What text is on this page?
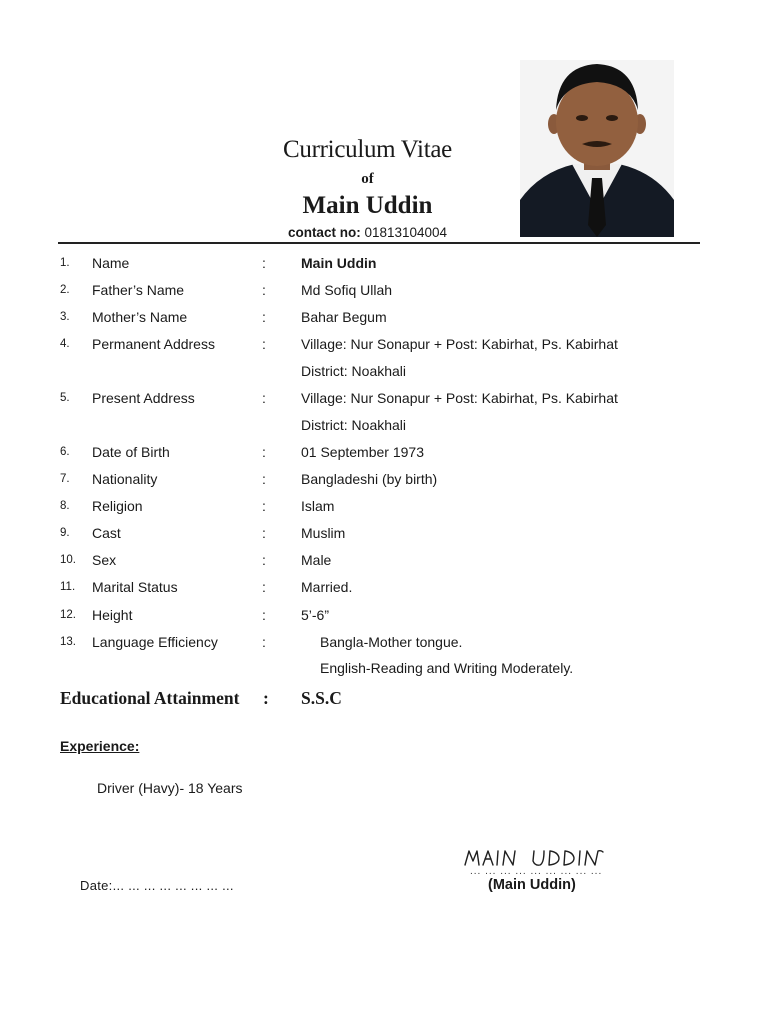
Curriculum Vitae
of
Main Uddin
contact no: 01813104004
1. Name	:	Main Uddin
2. Father’s Name	:	Md Sofiq Ullah
3. Mother’s Name	:	Bahar Begum
4. Permanent Address	:	Village: Nur Sonapur + Post: Kabirhat, Ps. Kabirhat
District: Noakhali
5. Present Address	:	Village: Nur Sonapur + Post: Kabirhat, Ps. Kabirhat
District: Noakhali
6. Date of Birth	:	01 September 1973
7. Nationality	:	Bangladeshi (by birth)
8. Religion	:	Islam
9. Cast	:	Muslim
10. Sex	:	Male
11. Marital Status	:	Married.
12. Height	:	5’-6”
13. Language Efficiency	:	Bangla-Mother tongue.
English-Reading and Writing Moderately.
Educational Attainment : S.S.C
Experience:
Driver (Havy)- 18 Years
Date:... ... ... ... ... ... ... ...
... ... ... ... ... ... ... ... ...
(Main Uddin)
